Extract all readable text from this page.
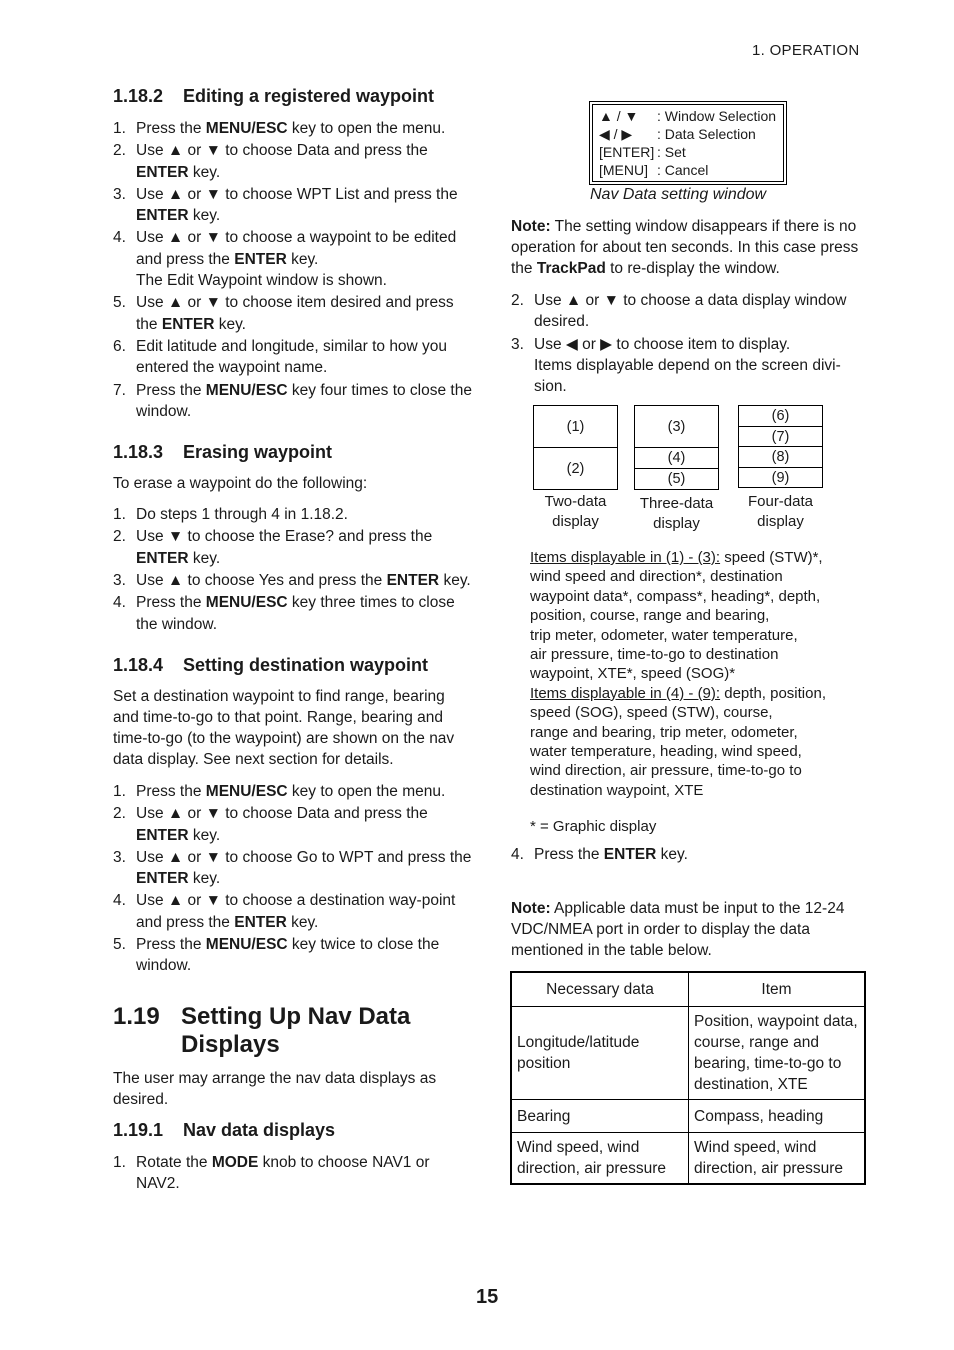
1. OPERATION
1.18.2 Editing a registered waypoint
1. Press the MENU/ESC key to open the menu.
2. Use ▲ or ▼ to choose Data and press the ENTER key.
3. Use ▲ or ▼ to choose WPT List and press the ENTER key.
4. Use ▲ or ▼ to choose a waypoint to be edited and press the ENTER key.
The Edit Waypoint window is shown.
5. Use ▲ or ▼ to choose item desired and press the ENTER key.
6. Edit latitude and longitude, similar to how you entered the waypoint name.
7. Press the MENU/ESC key four times to close the window.
1.18.3 Erasing waypoint
To erase a waypoint do the following:
1. Do steps 1 through 4 in 1.18.2.
2. Use ▼ to choose the Erase? and press the ENTER key.
3. Use ▲ to choose Yes and press the ENTER key.
4. Press the MENU/ESC key three times to close the window.
1.18.4 Setting destination waypoint
Set a destination waypoint to find range, bearing and time-to-go to that point. Range, bearing and time-to-go (to the waypoint) are shown on the nav data display. See next section for details.
1. Press the MENU/ESC key to open the menu.
2. Use ▲ or ▼ to choose Data and press the ENTER key.
3. Use ▲ or ▼ to choose Go to WPT and press the ENTER key.
4. Use ▲ or ▼ to choose a destination way-point and press the ENTER key.
5. Press the MENU/ESC key twice to close the window.
1.19 Setting Up Nav Data
Displays
The user may arrange the nav data displays as desired.
1.19.1 Nav data displays
1. Rotate the MODE knob to choose NAV1 or NAV2.
▲ / ▼	: Window Selection
◀ / ▶	: Data Selection
[ENTER] : Set
[MENU] : Cancel
Nav Data setting window
Note: The setting window disappears if there is no operation for about ten seconds. In this case press the TrackPad to re-display the window.
2. Use ▲ or ▼ to choose a data display window desired.
3. Use ◀ or ▶ to choose item to display.
Items displayable depend on the screen divi-sion.
(1)
(2)
Two-data
display
(3)
(4)
(5)
Three-data
display
(6)
(7)
(8)
(9)
Four-data
display
Items displayable in (1) - (3): speed (STW)*,
wind speed and direction*, destination
waypoint data*, compass*, heading*, depth,
position, course, range and bearing,
trip meter, odometer, water temperature,
air pressure, time-to-go to destination
waypoint, XTE*, speed (SOG)*
Items displayable in (4) - (9): depth, position,
speed (SOG), speed (STW), course,
range and bearing, trip meter, odometer,
water temperature, heading, wind speed,
wind direction, air pressure, time-to-go to
destination waypoint, XTE
* = Graphic display
4. Press the ENTER key.
Note: Applicable data must be input to the 12-24 VDC/NMEA port in order to display the data mentioned in the table below.
Necessary data	Item
Longitude/latitude position	Position, waypoint data, course, range and bearing, time-to-go to destination, XTE
Bearing	Compass, heading
Wind speed, wind direction, air pressure	Wind speed, wind direction, air pressure
15
